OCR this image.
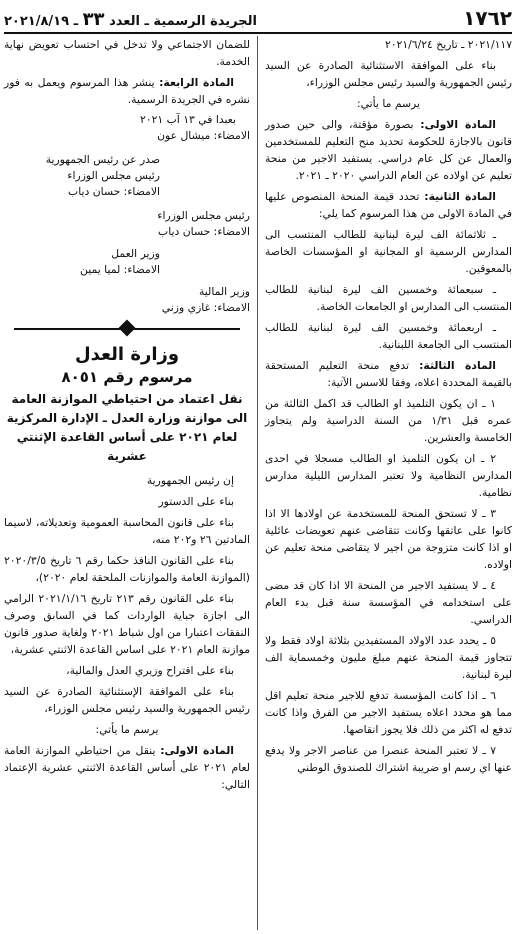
١٧٦٢
الجريدة الرسمية ـ العدد ٣٣ ـ ٢٠٢١/٨/١٩

٢٠٢١/١١٧ ـ تاريخ ٢٠٢١/٦/٢٤

بناء على الموافقة الاستثنائية الصادرة عن السيد رئيس الجمهورية والسيد رئيس مجلس الوزراء،

يرسم ما يأتي:

المادة الاولى: بصورة مؤقتة، والى حين صدور قانون بالاجازة للحكومة تحديد منح التعليم للمستخدمين والعمال عن كل عام دراسي. يستفيد الاجير من منحة تعليم عن اولاده عن العام الدراسي ٢٠٢٠ ـ ٢٠٢١.

المادة الثانية: تحدد قيمة المنحة المنصوص عليها في المادة الاولى من هذا المرسوم كما يلي:

ـ ثلاثمائة الف ليرة لبنانية للطالب المنتسب الى المدارس الرسمية او المجانية او المؤسسات الخاصة بالمعوقين.

ـ سبعمائة وخمسين الف ليرة لبنانية للطالب المنتسب الى المدارس او الجامعات الخاصة.

ـ اربعمائة وخمسين الف ليرة لبنانية للطالب المنتسب الى الجامعة اللبنانية.

المادة الثالثة: تدفع منحة التعليم المستحقة بالقيمة المحددة اعلاه، وفقا للاسس الآتية:

١ ـ ان يكون التلميذ او الطالب قد اكمل الثالثة من عمره قبل ١/٣١ من السنة الدراسية ولم يتجاوز الخامسة والعشرين.

٢ ـ ان يكون التلميذ او الطالب مسجلا في احدى المدارس النظامية ولا تعتبر المدارس الليلية مدارس نظامية.

٣ ـ لا تستحق المنحة للمستخدمة عن اولادها الا اذا كانوا على عاتقها وكانت تتقاضى عنهم تعويضات عائلية او اذا كانت متزوجة من اجير لا يتقاضى منحة تعليم عن اولاده.

٤ ـ لا يستفيد الاجير من المنحة الا اذا كان قد مضى على استخدامه في المؤسسة سنة قبل بدء العام الدراسي.

٥ ـ يحدد عدد الاولاد المستفيدين بثلاثة اولاد فقط ولا تتجاوز قيمة المنحة عنهم مبلغ مليون وخمسماية الف ليرة لبنانية.

٦ ـ اذا كانت المؤسسة تدفع للاجير منحة تعليم اقل مما هو محدد اعلاه يستفيد الاجير من الفرق واذا كانت تدفع له اكثر من ذلك فلا يجوز انقاصها.

٧ ـ لا تعتبر المنحة عنصرا من عناصر الاجر ولا يدفع عنها اي رسم او ضريبة اشتراك للصندوق الوطني

للضمان الاجتماعي ولا تدخل في احتساب تعويض نهاية الخدمة.

المادة الرابعة: ينشر هذا المرسوم ويعمل به فور نشره في الجريدة الرسمية.

بعبدا في ١٣ آب ٢٠٢١

الامضاء: ميشال عون

صدر عن رئيس الجمهورية

رئيس مجلس الوزراء

الامضاء: حسان دياب

رئيس مجلس الوزراء

الامضاء: حسان دياب

وزير العمل

الامضاء: لميا يمين

وزير المالية

الامضاء: غازي وزني

وزارة العدل
مرسوم رقم ٨٠٥١
نقل اعتماد من احتياطي الموازنة العامة الى موازنة وزارة العدل ـ الإدارة المركزية لعام ٢٠٢١ على أساس القاعدة الإثنتي عشرية

إن رئيس الجمهورية

بناء على الدستور

بناء على قانون المحاسبة العمومية وتعديلاته، لاسيما المادتين ٢٦ و٢٠٢ منه،

بناء على القانون النافذ حكما رقم ٦ تاريخ ٢٠٢٠/٣/٥ (الموازنة العامة والموازنات الملحقة لعام ٢٠٢٠)،

بناء على القانون رقم ٢١٣ تاريخ ٢٠٢١/١/١٦ الرامي الى اجازة جباية الواردات كما في السابق وصرف النفقات اعتبارا من اول شباط ٢٠٢١ ولغاية صدور قانون موازنة العام ٢٠٢١ على اساس القاعدة الاثنتي عشرية،

بناء على اقتراح وزيري العدل والمالية،

بناء على الموافقة الإستثنائية الصادرة عن السيد رئيس الجمهورية والسيد رئيس مجلس الوزراء،

يرسم ما يأتي:

المادة الاولى: ينقل من احتياطي الموازنة العامة لعام ٢٠٢١ على أساس القاعدة الاثنتي عشرية الإعتماد التالي:
